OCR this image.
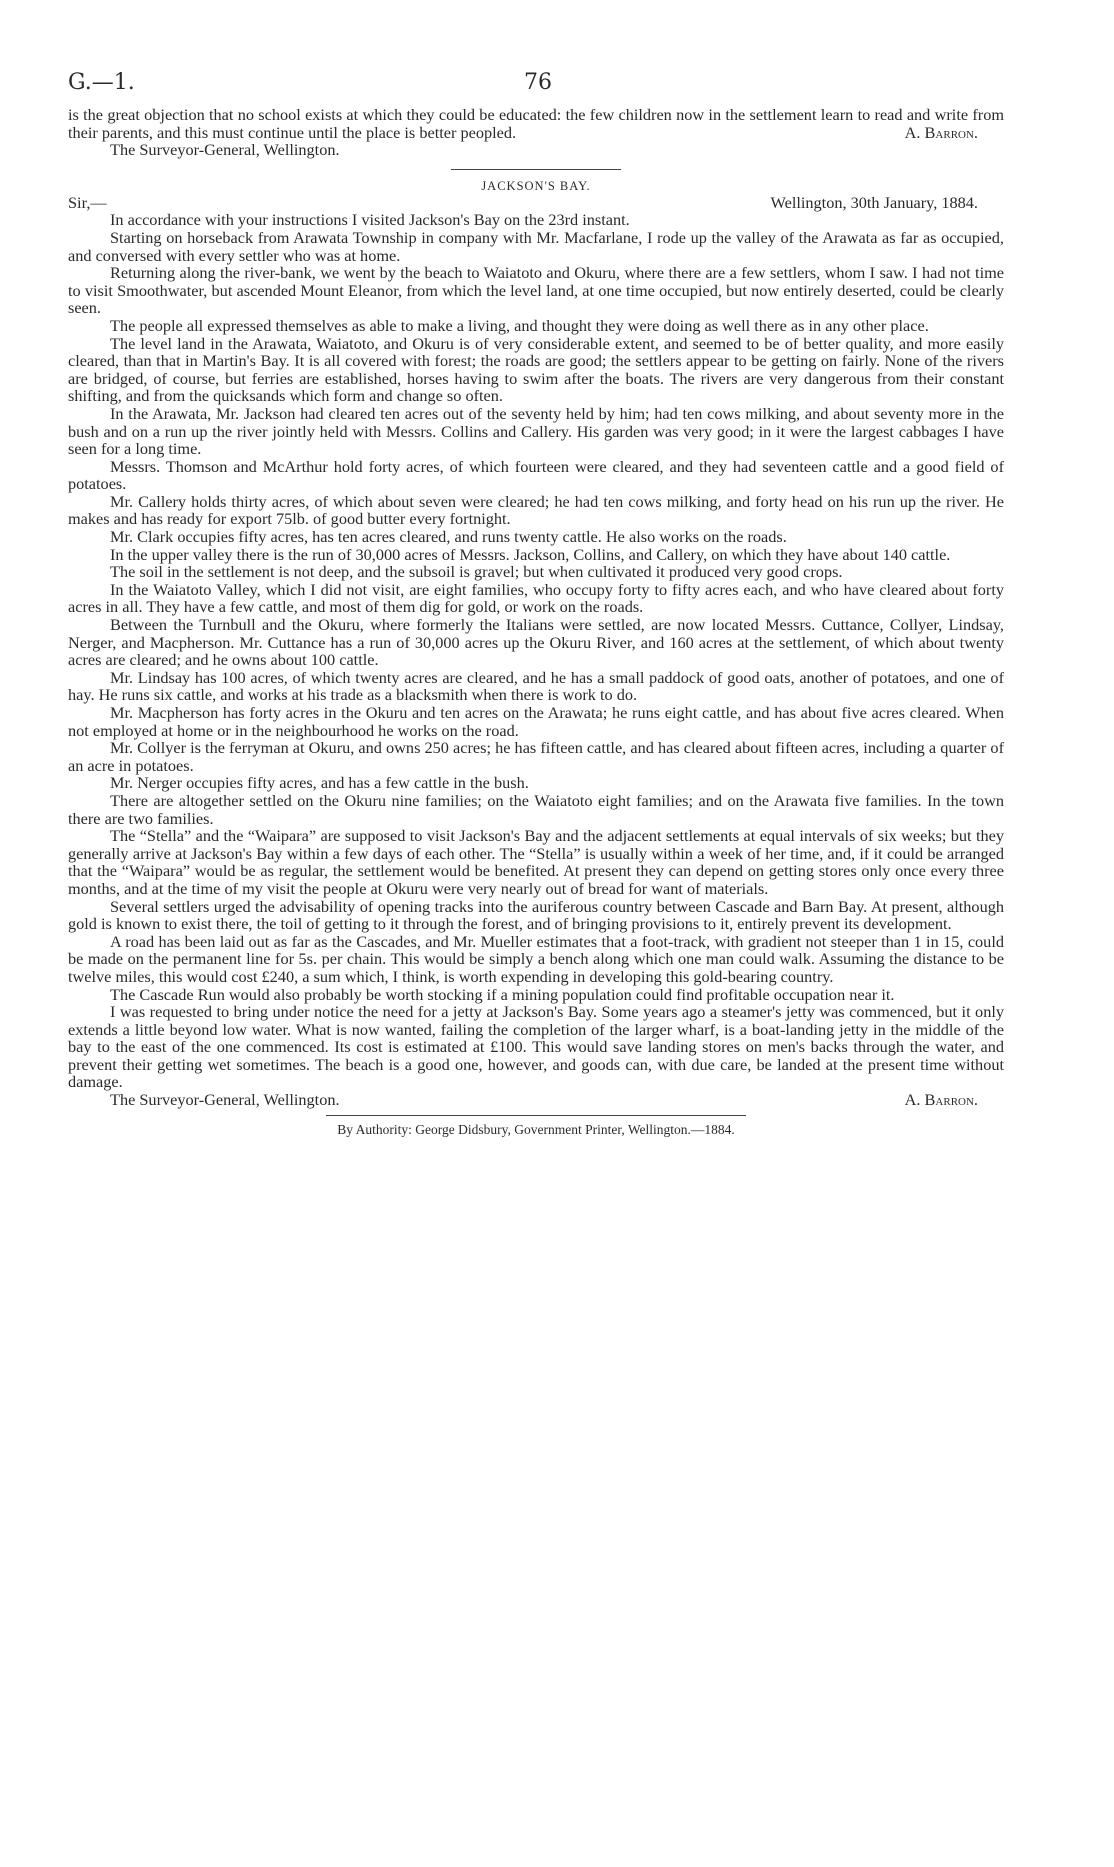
G.—1.	76

is the great objection that no school exists at which they could be educated: the few children now in the settlement learn to read and write from their parents, and this must continue until the place is better peopled.	A. Barron.

The Surveyor-General, Wellington.

JACKSON'S BAY.
Sir,—	Wellington, 30th January, 1884.

In accordance with your instructions I visited Jackson's Bay on the 23rd instant.

Starting on horseback from Arawata Township in company with Mr. Macfarlane, I rode up the valley of the Arawata as far as occupied, and conversed with every settler who was at home.

Returning along the river-bank, we went by the beach to Waiatoto and Okuru, where there are a few settlers, whom I saw. I had not time to visit Smoothwater, but ascended Mount Eleanor, from which the level land, at one time occupied, but now entirely deserted, could be clearly seen.

The people all expressed themselves as able to make a living, and thought they were doing as well there as in any other place.

The level land in the Arawata, Waiatoto, and Okuru is of very considerable extent, and seemed to be of better quality, and more easily cleared, than that in Martin's Bay. It is all covered with forest; the roads are good; the settlers appear to be getting on fairly. None of the rivers are bridged, of course, but ferries are established, horses having to swim after the boats. The rivers are very dangerous from their constant shifting, and from the quicksands which form and change so often.

In the Arawata, Mr. Jackson had cleared ten acres out of the seventy held by him; had ten cows milking, and about seventy more in the bush and on a run up the river jointly held with Messrs. Collins and Callery. His garden was very good; in it were the largest cabbages I have seen for a long time.

Messrs. Thomson and McArthur hold forty acres, of which fourteen were cleared, and they had seventeen cattle and a good field of potatoes.

Mr. Callery holds thirty acres, of which about seven were cleared; he had ten cows milking, and forty head on his run up the river. He makes and has ready for export 75lb. of good butter every fortnight.

Mr. Clark occupies fifty acres, has ten acres cleared, and runs twenty cattle. He also works on the roads.

In the upper valley there is the run of 30,000 acres of Messrs. Jackson, Collins, and Callery, on which they have about 140 cattle.

The soil in the settlement is not deep, and the subsoil is gravel; but when cultivated it produced very good crops.

In the Waiatoto Valley, which I did not visit, are eight families, who occupy forty to fifty acres each, and who have cleared about forty acres in all. They have a few cattle, and most of them dig for gold, or work on the roads.

Between the Turnbull and the Okuru, where formerly the Italians were settled, are now located Messrs. Cuttance, Collyer, Lindsay, Nerger, and Macpherson. Mr. Cuttance has a run of 30,000 acres up the Okuru River, and 160 acres at the settlement, of which about twenty acres are cleared; and he owns about 100 cattle.

Mr. Lindsay has 100 acres, of which twenty acres are cleared, and he has a small paddock of good oats, another of potatoes, and one of hay. He runs six cattle, and works at his trade as a blacksmith when there is work to do.

Mr. Macpherson has forty acres in the Okuru and ten acres on the Arawata; he runs eight cattle, and has about five acres cleared. When not employed at home or in the neighbourhood he works on the road.

Mr. Collyer is the ferryman at Okuru, and owns 250 acres; he has fifteen cattle, and has cleared about fifteen acres, including a quarter of an acre in potatoes.

Mr. Nerger occupies fifty acres, and has a few cattle in the bush.

There are altogether settled on the Okuru nine families; on the Waiatoto eight families; and on the Arawata five families. In the town there are two families.

The “Stella” and the “Waipara” are supposed to visit Jackson's Bay and the adjacent settlements at equal intervals of six weeks; but they generally arrive at Jackson's Bay within a few days of each other. The “Stella” is usually within a week of her time, and, if it could be arranged that the “Waipara” would be as regular, the settlement would be benefited. At present they can depend on getting stores only once every three months, and at the time of my visit the people at Okuru were very nearly out of bread for want of materials.

Several settlers urged the advisability of opening tracks into the auriferous country between Cascade and Barn Bay. At present, although gold is known to exist there, the toil of getting to it through the forest, and of bringing provisions to it, entirely prevent its development.

A road has been laid out as far as the Cascades, and Mr. Mueller estimates that a foot-track, with gradient not steeper than 1 in 15, could be made on the permanent line for 5s. per chain. This would be simply a bench along which one man could walk. Assuming the distance to be twelve miles, this would cost £240, a sum which, I think, is worth expending in developing this gold-bearing country.

The Cascade Run would also probably be worth stocking if a mining population could find profitable occupation near it.

I was requested to bring under notice the need for a jetty at Jackson's Bay. Some years ago a steamer's jetty was commenced, but it only extends a little beyond low water. What is now wanted, failing the completion of the larger wharf, is a boat-landing jetty in the middle of the bay to the east of the one commenced. Its cost is estimated at £100. This would save landing stores on men's backs through the water, and prevent their getting wet sometimes. The beach is a good one, however, and goods can, with due care, be landed at the present time without damage.

The Surveyor-General, Wellington.	A. Barron.
By Authority: George Didsbury, Government Printer, Wellington.—1884.
